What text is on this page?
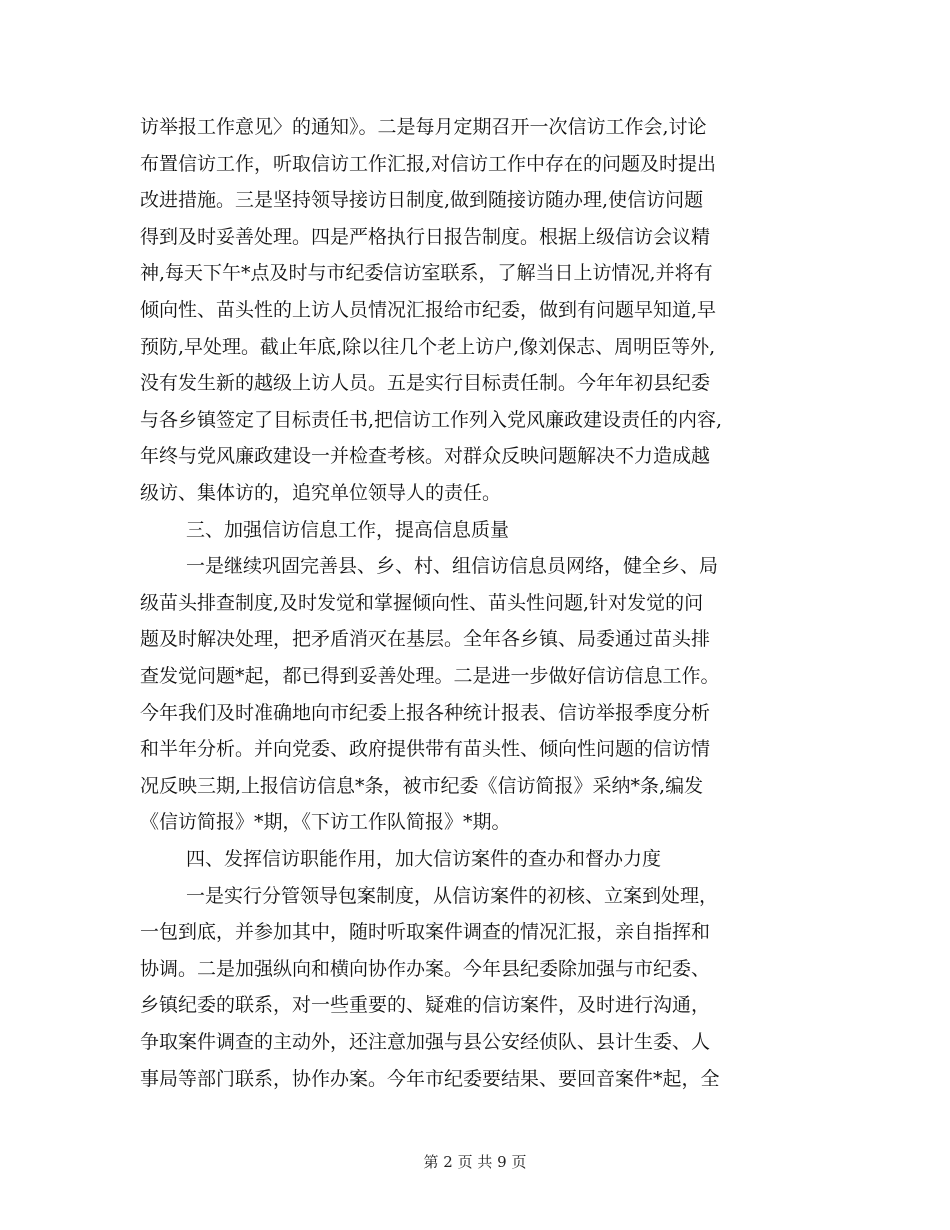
访举报工作意见〉的通知》。二是每月定期召开一次信访工作会,讨论
布置信访工作，听取信访工作汇报,对信访工作中存在的问题及时提出
改进措施。三是坚持领导接访日制度,做到随接访随办理,使信访问题
得到及时妥善处理。四是严格执行日报告制度。根据上级信访会议精
神,每天下午*点及时与市纪委信访室联系，了解当日上访情况,并将有
倾向性、苗头性的上访人员情况汇报给市纪委，做到有问题早知道,早
预防,早处理。截止年底,除以往几个老上访户,像刘保志、周明臣等外,
没有发生新的越级上访人员。五是实行目标责任制。今年年初县纪委
与各乡镇签定了目标责任书,把信访工作列入党风廉政建设责任的内容,
年终与党风廉政建设一并检查考核。对群众反映问题解决不力造成越
级访、集体访的，追究单位领导人的责任。
三、加强信访信息工作，提高信息质量
一是继续巩固完善县、乡、村、组信访信息员网络，健全乡、局
级苗头排查制度,及时发觉和掌握倾向性、苗头性问题,针对发觉的问
题及时解决处理，把矛盾消灭在基层。全年各乡镇、局委通过苗头排
查发觉问题*起，都已得到妥善处理。二是进一步做好信访信息工作。
今年我们及时准确地向市纪委上报各种统计报表、信访举报季度分析
和半年分析。并向党委、政府提供带有苗头性、倾向性问题的信访情
况反映三期,上报信访信息*条，被市纪委《信访简报》采纳*条,编发
《信访简报》*期，《下访工作队简报》*期。
四、发挥信访职能作用，加大信访案件的查办和督办力度
一是实行分管领导包案制度，从信访案件的初核、立案到处理，
一包到底，并参加其中，随时听取案件调查的情况汇报，亲自指挥和
协调。二是加强纵向和横向协作办案。今年县纪委除加强与市纪委、
乡镇纪委的联系，对一些重要的、疑难的信访案件，及时进行沟通，
争取案件调查的主动外，还注意加强与县公安经侦队、县计生委、人
事局等部门联系，协作办案。今年市纪委要结果、要回音案件*起，全
第 2 页 共 9 页
